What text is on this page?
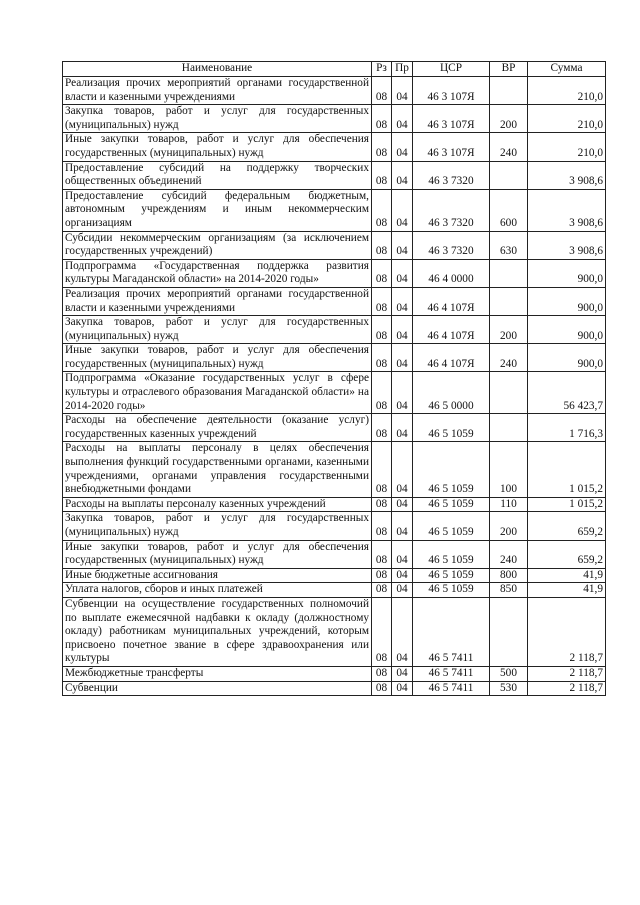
Наименование	Рз	Пр	ЦСР	ВР	Сумма
Реализация прочих мероприятий органами государственной власти и казенными учреждениями	08	04	46 3 107Я		210,0
Закупка товаров, работ и услуг для государственных (муниципальных) нужд	08	04	46 3 107Я	200	210,0
Иные закупки товаров, работ и услуг для обеспечения государственных (муниципальных) нужд	08	04	46 3 107Я	240	210,0
Предоставление субсидий на поддержку творческих общественных объединений	08	04	46 3 7320		3 908,6
Предоставление субсидий федеральным бюджетным, автономным учреждениям и иным некоммерческим организациям	08	04	46 3 7320	600	3 908,6
Субсидии некоммерческим организациям (за исключением государственных учреждений)	08	04	46 3 7320	630	3 908,6
Подпрограмма «Государственная поддержка развития культуры Магаданской области» на 2014-2020 годы»	08	04	46 4 0000		900,0
Реализация прочих мероприятий органами государственной власти и казенными учреждениями	08	04	46 4 107Я		900,0
Закупка товаров, работ и услуг для государственных (муниципальных) нужд	08	04	46 4 107Я	200	900,0
Иные закупки товаров, работ и услуг для обеспечения государственных (муниципальных) нужд	08	04	46 4 107Я	240	900,0
Подпрограмма «Оказание государственных услуг в сфере культуры и отраслевого образования Магаданской области» на 2014-2020 годы»	08	04	46 5 0000		56 423,7
Расходы на обеспечение деятельности (оказание услуг) государственных казенных учреждений	08	04	46 5 1059		1 716,3
Расходы на выплаты персоналу в целях обеспечения выполнения функций государственными органами, казенными учреждениями, органами управления государственными внебюджетными фондами	08	04	46 5 1059	100	1 015,2
Расходы на выплаты персоналу казенных учреждений	08	04	46 5 1059	110	1 015,2
Закупка товаров, работ и услуг для государственных (муниципальных) нужд	08	04	46 5 1059	200	659,2
Иные закупки товаров, работ и услуг для обеспечения государственных (муниципальных) нужд	08	04	46 5 1059	240	659,2
Иные бюджетные ассигнования	08	04	46 5 1059	800	41,9
Уплата налогов, сборов и иных платежей	08	04	46 5 1059	850	41,9
Субвенции на осуществление государственных полномочий по выплате ежемесячной надбавки к окладу (должностному окладу) работникам муниципальных учреждений, которым присвоено почетное звание в сфере здравоохранения или культуры	08	04	46 5 7411		2 118,7
Межбюджетные трансферты	08	04	46 5 7411	500	2 118,7
Субвенции	08	04	46 5 7411	530	2 118,7
